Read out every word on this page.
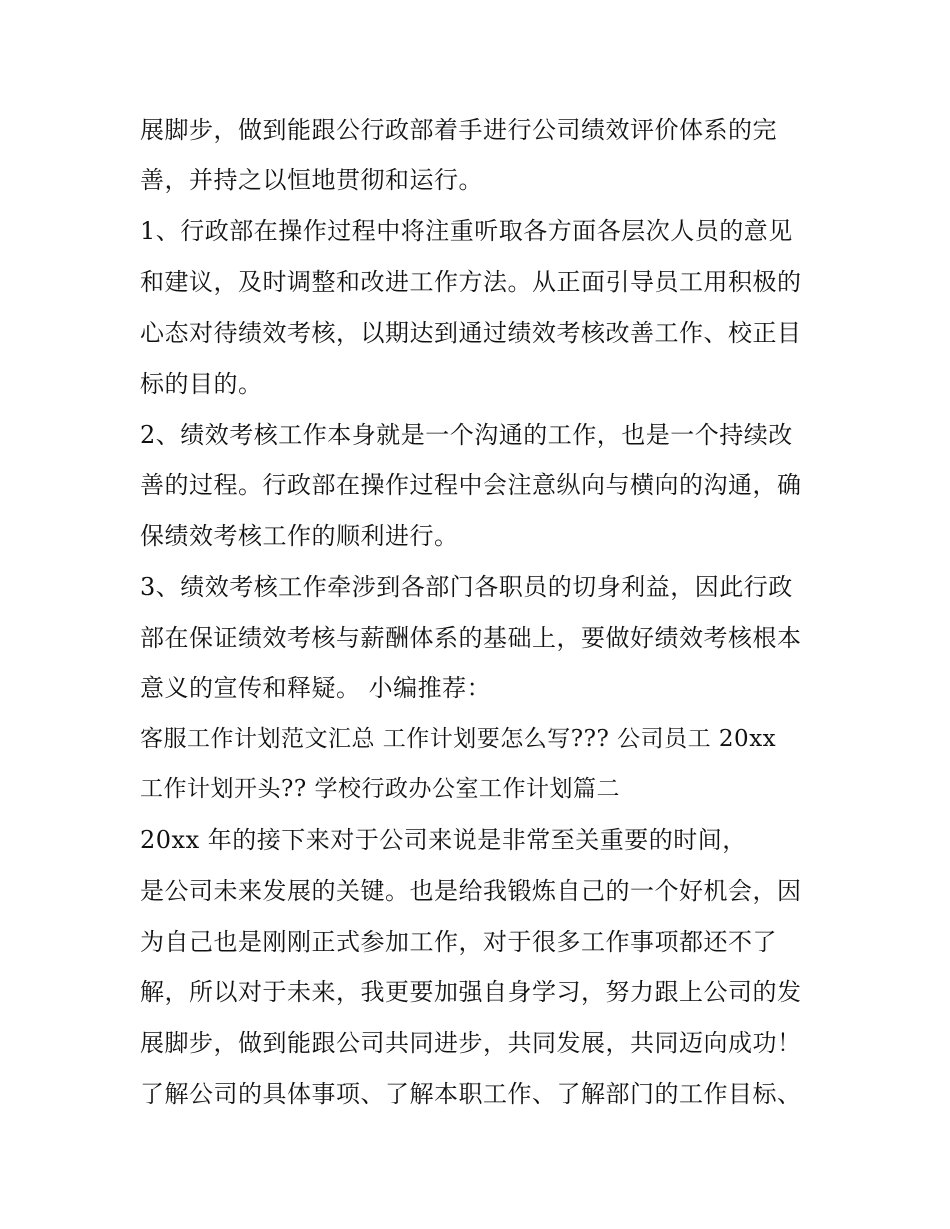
展脚步，做到能跟公行政部着手进行公司绩效评价体系的完
善，并持之以恒地贯彻和运行。
1、行政部在操作过程中将注重听取各方面各层次人员的意见
和建议，及时调整和改进工作方法。从正面引导员工用积极的
心态对待绩效考核，以期达到通过绩效考核改善工作、校正目
标的目的。
2、绩效考核工作本身就是一个沟通的工作，也是一个持续改
善的过程。行政部在操作过程中会注意纵向与横向的沟通，确
保绩效考核工作的顺利进行。
3、绩效考核工作牵涉到各部门各职员的切身利益，因此行政
部在保证绩效考核与薪酬体系的基础上，要做好绩效考核根本
意义的宣传和释疑。 小编推荐：
客服工作计划范文汇总 工作计划要怎么写??? 公司员工 20xx
工作计划开头?? 学校行政办公室工作计划篇二
20xx 年的接下来对于公司来说是非常至关重要的时间，
是公司未来发展的关键。也是给我锻炼自己的一个好机会，因
为自己也是刚刚正式参加工作，对于很多工作事项都还不了
解，所以对于未来，我更要加强自身学习，努力跟上公司的发
展脚步，做到能跟公司共同进步，共同发展，共同迈向成功！
了解公司的具体事项、了解本职工作、了解部门的工作目标、
